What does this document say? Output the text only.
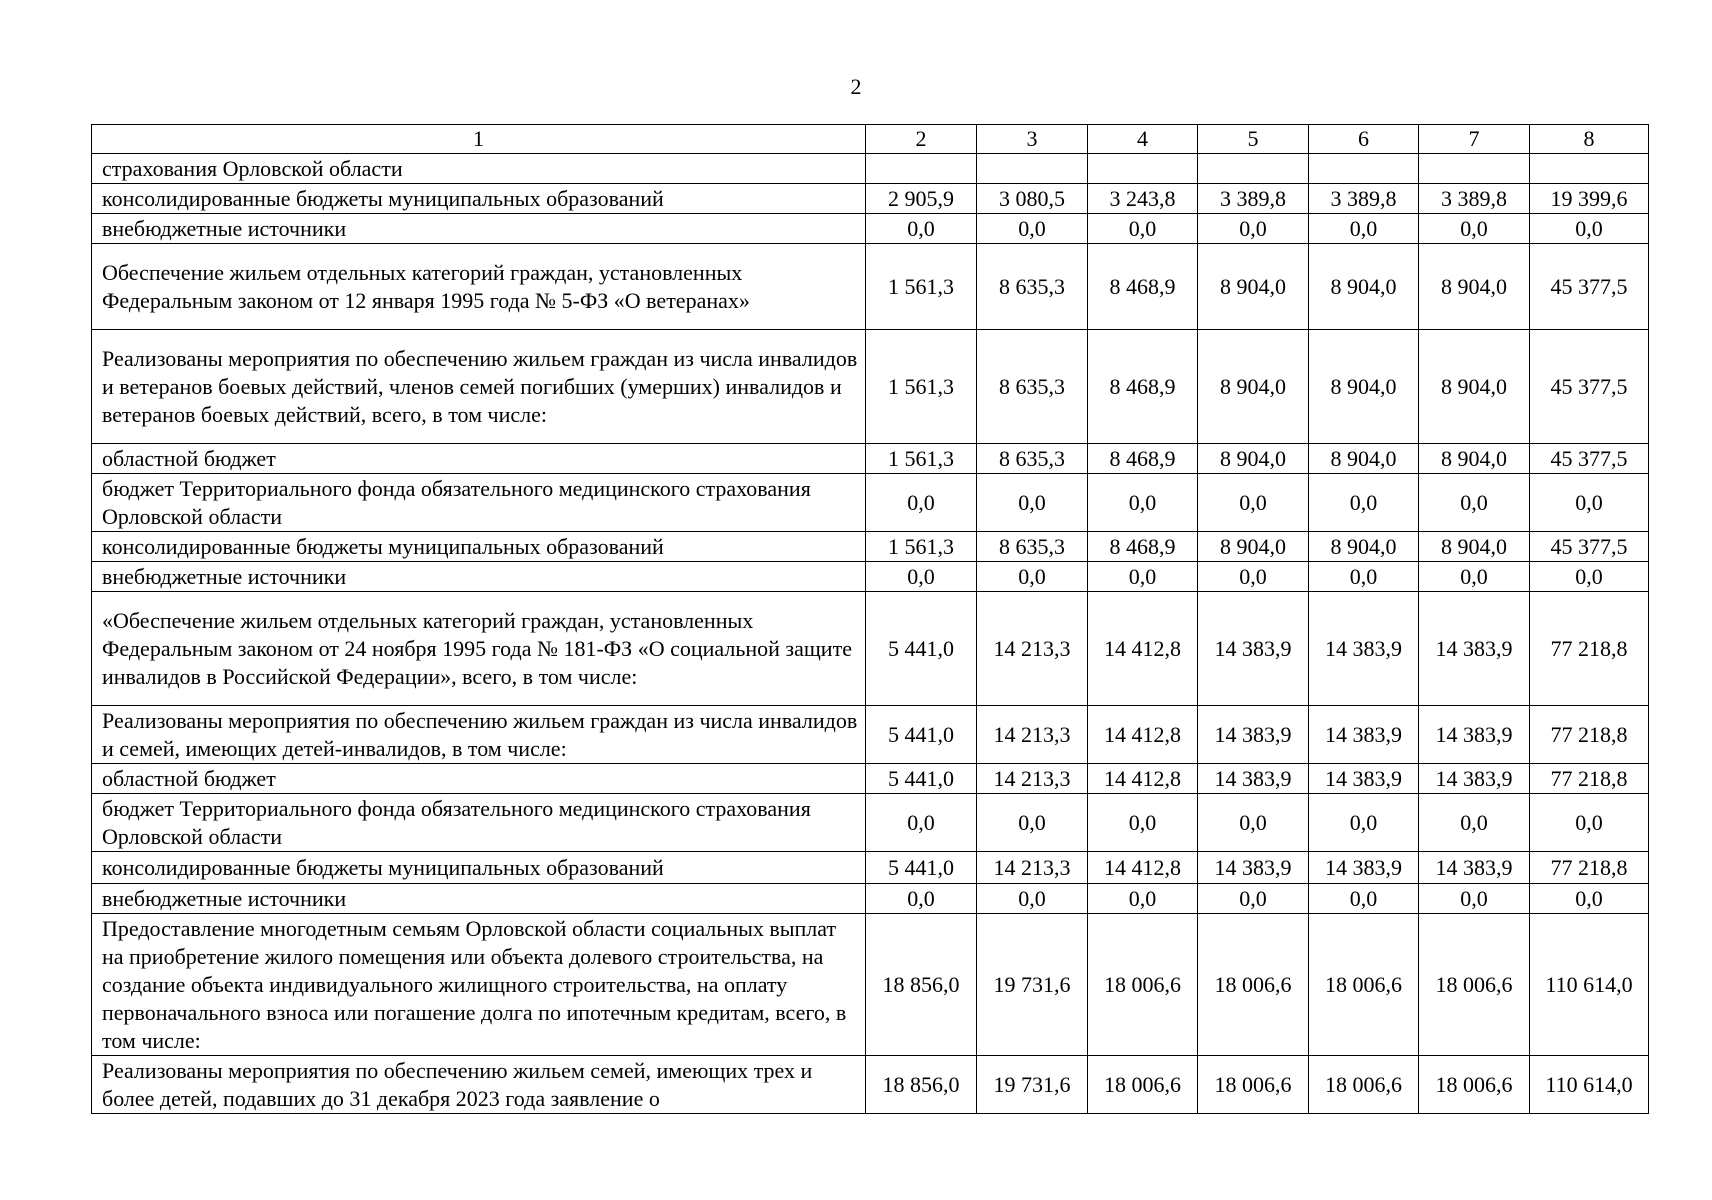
2
1	2	3	4	5	6	7	8
страхования Орловской области							
консолидированные бюджеты муниципальных образований	2 905,9	3 080,5	3 243,8	3 389,8	3 389,8	3 389,8	19 399,6
внебюджетные источники	0,0	0,0	0,0	0,0	0,0	0,0	0,0
Обеспечение жильем отдельных категорий граждан, установленных Федеральным законом от 12 января 1995 года № 5-ФЗ «О ветеранах»	1 561,3	8 635,3	8 468,9	8 904,0	8 904,0	8 904,0	45 377,5
Реализованы мероприятия по обеспечению жильем граждан из числа инвалидов и ветеранов боевых действий, членов семей погибших (умерших) инвалидов и ветеранов боевых действий, всего, в том числе:	1 561,3	8 635,3	8 468,9	8 904,0	8 904,0	8 904,0	45 377,5
областной бюджет	1 561,3	8 635,3	8 468,9	8 904,0	8 904,0	8 904,0	45 377,5
бюджет Территориального фонда обязательного медицинского страхования Орловской области	0,0	0,0	0,0	0,0	0,0	0,0	0,0
консолидированные бюджеты муниципальных образований	1 561,3	8 635,3	8 468,9	8 904,0	8 904,0	8 904,0	45 377,5
внебюджетные источники	0,0	0,0	0,0	0,0	0,0	0,0	0,0
«Обеспечение жильем отдельных категорий граждан, установленных Федеральным законом от 24 ноября 1995 года № 181-ФЗ «О социальной защите инвалидов в Российской Федерации», всего, в том числе:	5 441,0	14 213,3	14 412,8	14 383,9	14 383,9	14 383,9	77 218,8
Реализованы мероприятия по обеспечению жильем граждан из числа инвалидов и семей, имеющих детей-инвалидов, в том числе:	5 441,0	14 213,3	14 412,8	14 383,9	14 383,9	14 383,9	77 218,8
областной бюджет	5 441,0	14 213,3	14 412,8	14 383,9	14 383,9	14 383,9	77 218,8
бюджет Территориального фонда обязательного медицинского страхования Орловской области	0,0	0,0	0,0	0,0	0,0	0,0	0,0
консолидированные бюджеты муниципальных образований	5 441,0	14 213,3	14 412,8	14 383,9	14 383,9	14 383,9	77 218,8
внебюджетные источники	0,0	0,0	0,0	0,0	0,0	0,0	0,0
Предоставление многодетным семьям Орловской области социальных выплат на приобретение жилого помещения или объекта долевого строительства, на создание объекта индивидуального жилищного строительства, на оплату первоначального взноса или погашение долга по ипотечным кредитам, всего, в том числе:	18 856,0	19 731,6	18 006,6	18 006,6	18 006,6	18 006,6	110 614,0
Реализованы мероприятия по обеспечению жильем семей, имеющих трех и более детей, подавших до 31 декабря 2023 года заявление о	18 856,0	19 731,6	18 006,6	18 006,6	18 006,6	18 006,6	110 614,0
